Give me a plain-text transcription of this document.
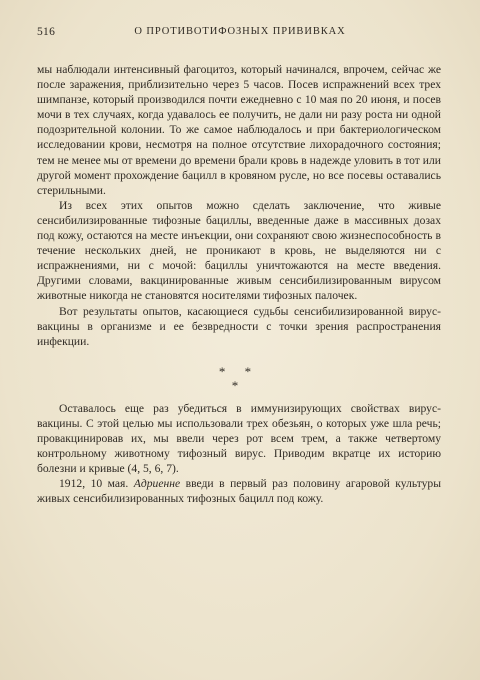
516	О ПРОТИВОТИФОЗНЫХ ПРИВИВКАХ

мы наблюдали интенсивный фагоцитоз, который начинался, впрочем, сейчас же после заражения, приблизительно через 5 часов. Посев испражнений всех трех шимпанзе, который производился почти ежедневно с 10 мая по 20 июня, и посев мочи в тех случаях, когда удавалось ее получить, не дали ни разу роста ни одной подозрительной колонии. То же самое наблюдалось и при бактериологическом исследовании крови, несмотря на полное отсутствие лихорадочного состояния; тем не менее мы от времени до времени брали кровь в надежде уловить в тот или другой момент прохождение бацилл в кровяном русле, но все посевы оставались стерильными.

Из всех этих опытов можно сделать заключение, что живые сенсибилизированные тифозные бациллы, введенные даже в массивных дозах под кожу, остаются на месте инъекции, они сохраняют свою жизнеспособность в течение нескольких дней, не проникают в кровь, не выделяются ни с испражнениями, ни с мочой: бациллы уничтожаются на месте введения. Другими словами, вакцинированные живым сенсибилизированным вирусом животные никогда не становятся носителями тифозных палочек.

Вот результаты опытов, касающиеся судьбы сенсибилизированной вирус-вакцины в организме и ее безвредности с точки зрения распространения инфекции.

* *
*

Оставалось еще раз убедиться в иммунизирующих свойствах вирус-вакцины. С этой целью мы использовали трех обезьян, о которых уже шла речь; провакцинировав их, мы ввели через рот всем трем, а также четвертому контрольному животному тифозный вирус. Приводим вкратце их историю болезни и кривые (4, 5, 6, 7).

1912, 10 мая. Адриенне введи в первый раз половину агаровой культуры живых сенсибилизированных тифозных бацилл под кожу.
